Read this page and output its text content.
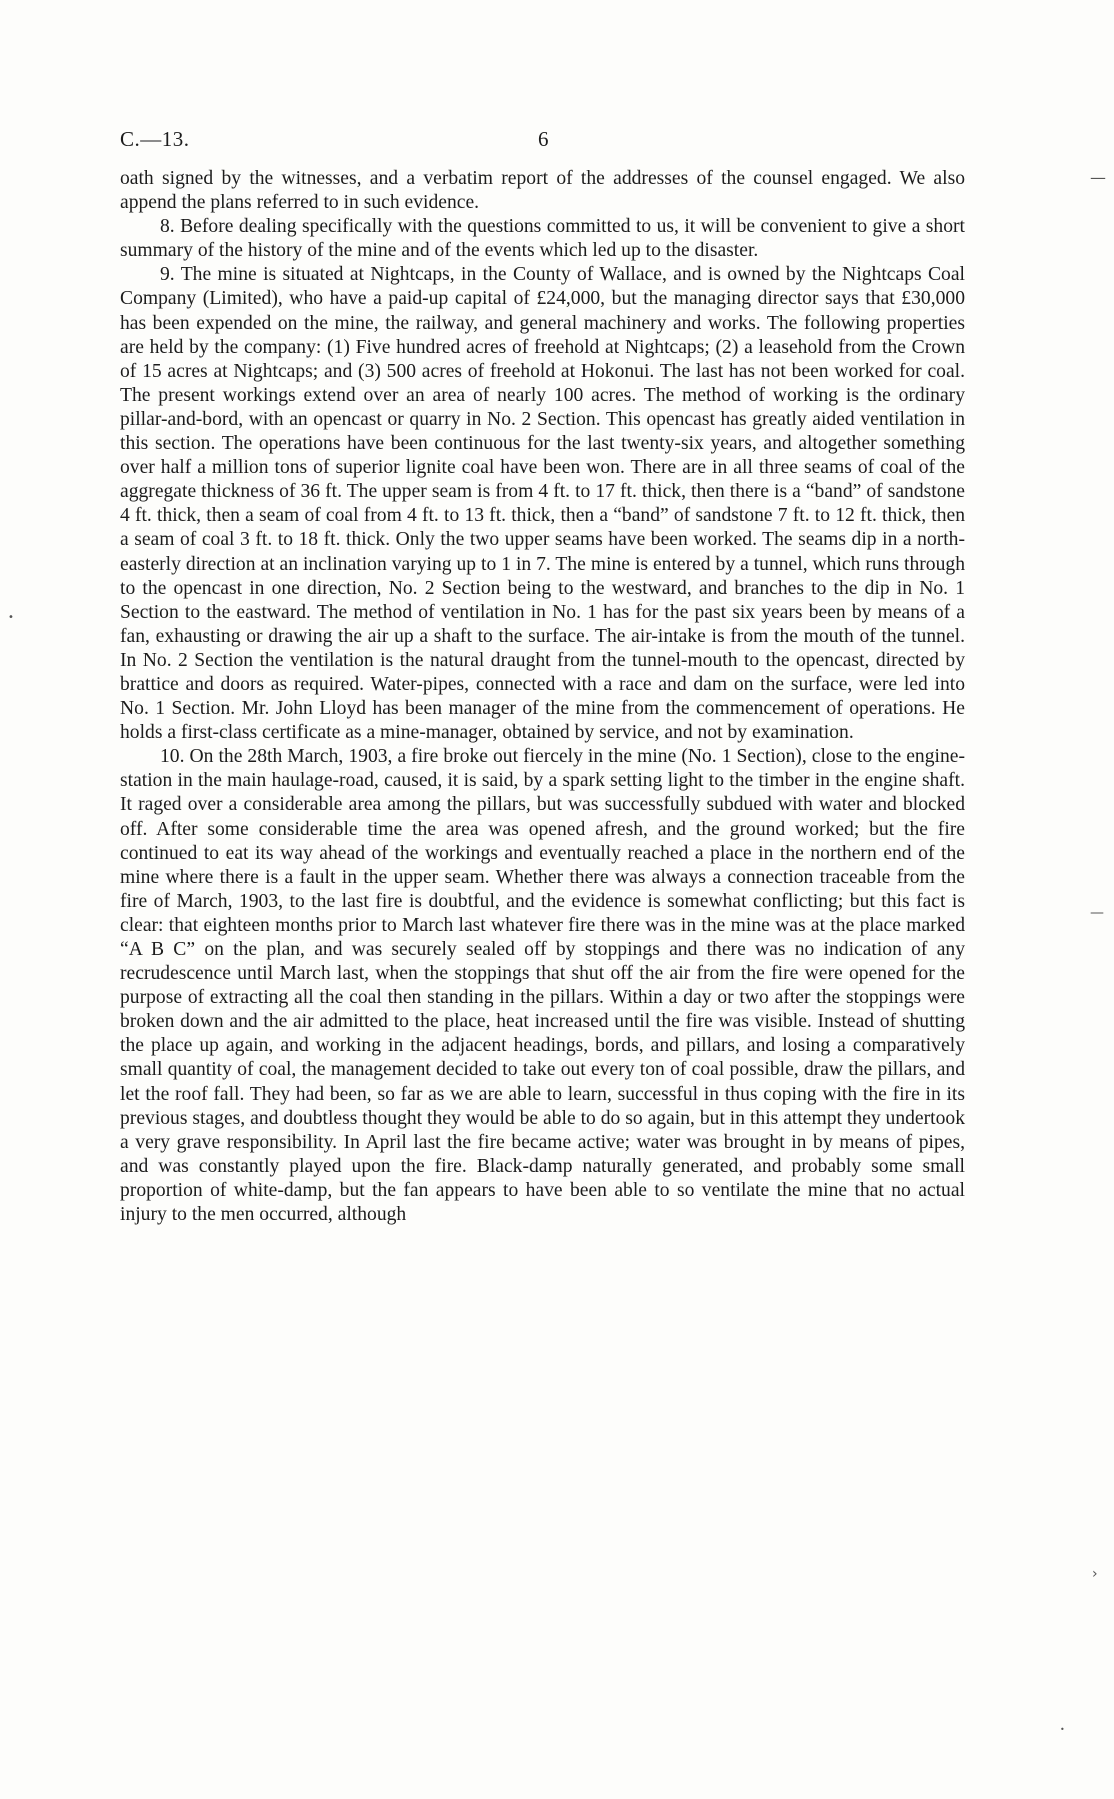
C.—13.	6

oath signed by the witnesses, and a verbatim report of the addresses of the counsel engaged. We also append the plans referred to in such evidence.

8. Before dealing specifically with the questions committed to us, it will be convenient to give a short summary of the history of the mine and of the events which led up to the disaster.

9. The mine is situated at Nightcaps, in the County of Wallace, and is owned by the Nightcaps Coal Company (Limited), who have a paid-up capital of £24,000, but the managing director says that £30,000 has been expended on the mine, the railway, and general machinery and works. The following properties are held by the company: (1) Five hundred acres of freehold at Nightcaps; (2) a leasehold from the Crown of 15 acres at Nightcaps; and (3) 500 acres of freehold at Hokonui. The last has not been worked for coal. The present workings extend over an area of nearly 100 acres. The method of working is the ordinary pillar-and-bord, with an opencast or quarry in No. 2 Section. This opencast has greatly aided ventilation in this section. The operations have been continuous for the last twenty-six years, and altogether something over half a million tons of superior lignite coal have been won. There are in all three seams of coal of the aggregate thickness of 36 ft. The upper seam is from 4 ft. to 17 ft. thick, then there is a “band” of sandstone 4 ft. thick, then a seam of coal from 4 ft. to 13 ft. thick, then a “band” of sandstone 7 ft. to 12 ft. thick, then a seam of coal 3 ft. to 18 ft. thick. Only the two upper seams have been worked. The seams dip in a north-easterly direction at an inclination varying up to 1 in 7. The mine is entered by a tunnel, which runs through to the opencast in one direction, No. 2 Section being to the westward, and branches to the dip in No. 1 Section to the eastward. The method of ventilation in No. 1 has for the past six years been by means of a fan, exhausting or drawing the air up a shaft to the surface. The air-intake is from the mouth of the tunnel. In No. 2 Section the ventilation is the natural draught from the tunnel-mouth to the opencast, directed by brattice and doors as required. Water-pipes, connected with a race and dam on the surface, were led into No. 1 Section. Mr. John Lloyd has been manager of the mine from the commencement of operations. He holds a first-class certificate as a mine-manager, obtained by service, and not by examination.

10. On the 28th March, 1903, a fire broke out fiercely in the mine (No. 1 Section), close to the engine-station in the main haulage-road, caused, it is said, by a spark setting light to the timber in the engine shaft. It raged over a considerable area among the pillars, but was successfully subdued with water and blocked off. After some considerable time the area was opened afresh, and the ground worked; but the fire continued to eat its way ahead of the workings and eventually reached a place in the northern end of the mine where there is a fault in the upper seam. Whether there was always a connection traceable from the fire of March, 1903, to the last fire is doubtful, and the evidence is somewhat conflicting; but this fact is clear: that eighteen months prior to March last whatever fire there was in the mine was at the place marked “A B C” on the plan, and was securely sealed off by stoppings and there was no indication of any recrudescence until March last, when the stoppings that shut off the air from the fire were opened for the purpose of extracting all the coal then standing in the pillars. Within a day or two after the stoppings were broken down and the air admitted to the place, heat increased until the fire was visible. Instead of shutting the place up again, and working in the adjacent headings, bords, and pillars, and losing a comparatively small quantity of coal, the management decided to take out every ton of coal possible, draw the pillars, and let the roof fall. They had been, so far as we are able to learn, successful in thus coping with the fire in its previous stages, and doubtless thought they would be able to do so again, but in this attempt they undertook a very grave responsibility. In April last the fire became active; water was brought in by means of pipes, and was constantly played upon the fire. Black-damp naturally generated, and probably some small proportion of white-damp, but the fan appears to have been able to so ventilate the mine that no actual injury to the men occurred, although

—
•
—
›
•
